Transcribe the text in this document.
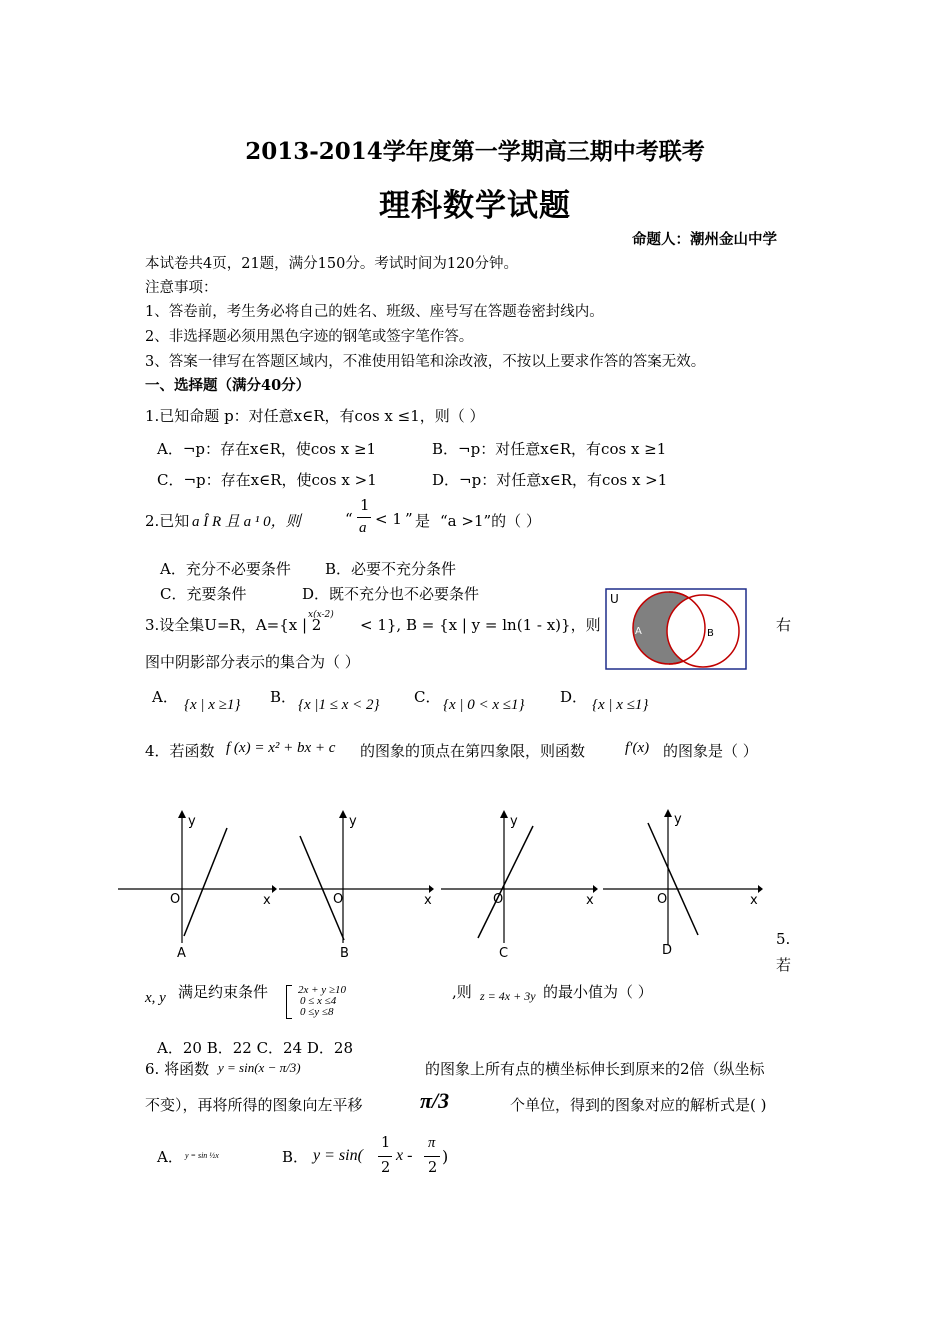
2013-2014学年度第一学期高三期中考联考
理科数学试题
命题人：潮州金山中学
本试卷共4页，21题，满分150分。考试时间为120分钟。
注意事项：
1、答卷前，考生务必将自己的姓名、班级、座号写在答题卷密封线内。
2、非选择题必须用黑色字迹的钢笔或签字笔作答。
3、答案一律写在答题区域内，不准使用铅笔和涂改液，不按以上要求作答的答案无效。
一、选择题（满分40分）
1.已知命题 p：对任意x∈R，有cos x ≤1，则（ ）
A．¬p：存在x∈R，使cos x ≥1	B．¬p：对任意x∈R，有cos x ≥1
C．¬p：存在x∈R，使cos x >1	D．¬p：对任意x∈R，有cos x >1
2.已知 a Î R 且 a ¹ 0，则	“
1
a < 1 ” 是 “a >1”的（ ）
A．充分不必要条件 B．必要不充分条件
C．充要条件	D．既不充分也不必要条件
3.设全集U=R，A={x | 2
x(x-2)
< 1}, B = {x | y = ln(1 - x)}，则	右
图中阴影部分表示的集合为（ ）
U
A	B
A． {x | x ≥1} B． {x |1 ≤ x < 2} C． {x | 0 < x ≤1} D． {x | x ≤1}
4．若函数 f (x) = x² + bx + c 的图象的顶点在第四象限，则函数	f′(x) 的图象是（ ）
y
x
O
A
y
x
O
B
y
x
O
C
y
x
O
D
5.
若
x, y 满足约束条件	2x + y ≥10
0 ≤ x ≤4
0 ≤y ≤8
,则 z = 4x + 3y 的最小值为（ ）
A．20 B．22 C．24 D．28
6. 将函数 y = sin(x − π/3)	的图象上所有点的横坐标伸长到原来的2倍（纵坐标
不变），再将所得的图象向左平移	π/3	个单位，得到的图象对应的解析式是( )
A． y = sin ½x	B． y = sin(
1
2
x -
π
2
)
